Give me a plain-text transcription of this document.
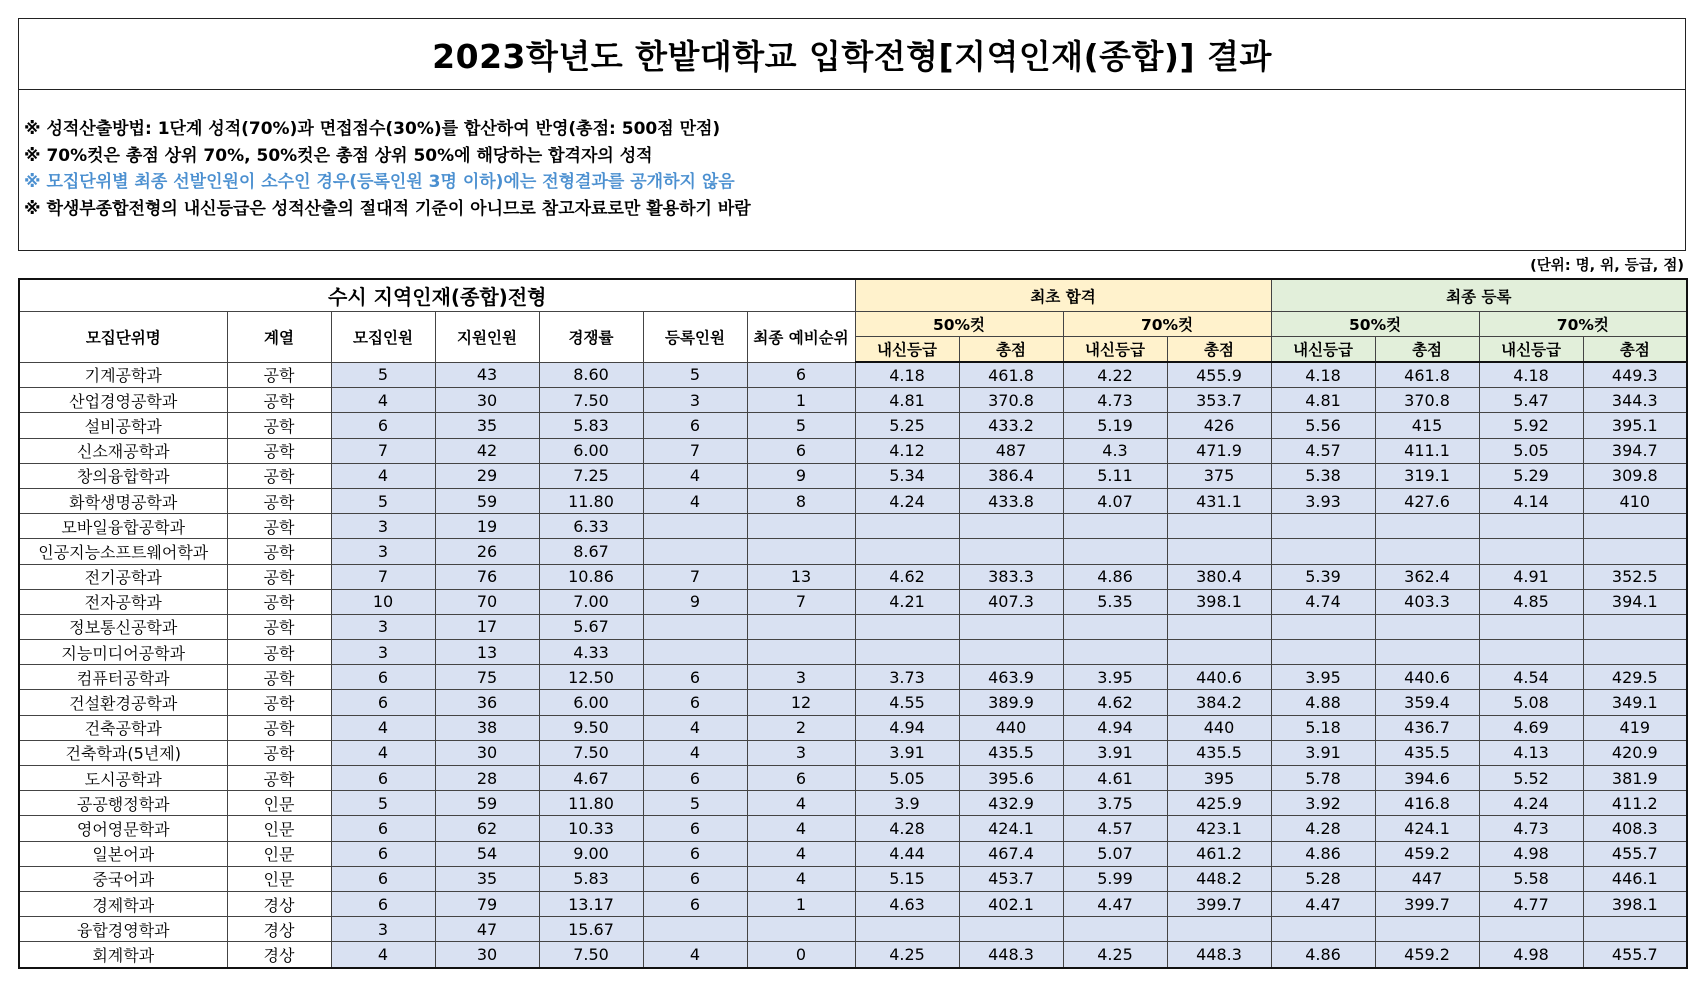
2023학년도 한밭대학교 입학전형[지역인재(종합)] 결과
※ 성적산출방법: 1단계 성적(70%)과 면접점수(30%)를 합산하여 반영(총점: 500점 만점)
※ 70%컷은 총점 상위 70%, 50%컷은 총점 상위 50%에 해당하는 합격자의 성적
※ 모집단위별 최종 선발인원이 소수인 경우(등록인원 3명 이하)에는 전형결과를 공개하지 않음
※ 학생부종합전형의 내신등급은 성적산출의 절대적 기준이 아니므로 참고자료로만 활용하기 바람
(단위: 명, 위, 등급, 점)
수시 지역인재(종합)전형							최초 합격				최종 등록			
모집단위명	계열	모집인원	지원인원	경쟁률	등록인원	최종 예비순위	50%컷		70%컷		50%컷		70%컷	
							내신등급	총점	내신등급	총점	내신등급	총점	내신등급	총점
기계공학과	공학	5	43	8.60	5	6	4.18	461.8	4.22	455.9	4.18	461.8	4.18	449.3
산업경영공학과	공학	4	30	7.50	3	1	4.81	370.8	4.73	353.7	4.81	370.8	5.47	344.3
설비공학과	공학	6	35	5.83	6	5	5.25	433.2	5.19	426	5.56	415	5.92	395.1
신소재공학과	공학	7	42	6.00	7	6	4.12	487	4.3	471.9	4.57	411.1	5.05	394.7
창의융합학과	공학	4	29	7.25	4	9	5.34	386.4	5.11	375	5.38	319.1	5.29	309.8
화학생명공학과	공학	5	59	11.80	4	8	4.24	433.8	4.07	431.1	3.93	427.6	4.14	410
모바일융합공학과	공학	3	19	6.33										
인공지능소프트웨어학과	공학	3	26	8.67										
전기공학과	공학	7	76	10.86	7	13	4.62	383.3	4.86	380.4	5.39	362.4	4.91	352.5
전자공학과	공학	10	70	7.00	9	7	4.21	407.3	5.35	398.1	4.74	403.3	4.85	394.1
정보통신공학과	공학	3	17	5.67										
지능미디어공학과	공학	3	13	4.33										
컴퓨터공학과	공학	6	75	12.50	6	3	3.73	463.9	3.95	440.6	3.95	440.6	4.54	429.5
건설환경공학과	공학	6	36	6.00	6	12	4.55	389.9	4.62	384.2	4.88	359.4	5.08	349.1
건축공학과	공학	4	38	9.50	4	2	4.94	440	4.94	440	5.18	436.7	4.69	419
건축학과(5년제)	공학	4	30	7.50	4	3	3.91	435.5	3.91	435.5	3.91	435.5	4.13	420.9
도시공학과	공학	6	28	4.67	6	6	5.05	395.6	4.61	395	5.78	394.6	5.52	381.9
공공행정학과	인문	5	59	11.80	5	4	3.9	432.9	3.75	425.9	3.92	416.8	4.24	411.2
영어영문학과	인문	6	62	10.33	6	4	4.28	424.1	4.57	423.1	4.28	424.1	4.73	408.3
일본어과	인문	6	54	9.00	6	4	4.44	467.4	5.07	461.2	4.86	459.2	4.98	455.7
중국어과	인문	6	35	5.83	6	4	5.15	453.7	5.99	448.2	5.28	447	5.58	446.1
경제학과	경상	6	79	13.17	6	1	4.63	402.1	4.47	399.7	4.47	399.7	4.77	398.1
융합경영학과	경상	3	47	15.67										
회계학과	경상	4	30	7.50	4	0	4.25	448.3	4.25	448.3	4.86	459.2	4.98	455.7
